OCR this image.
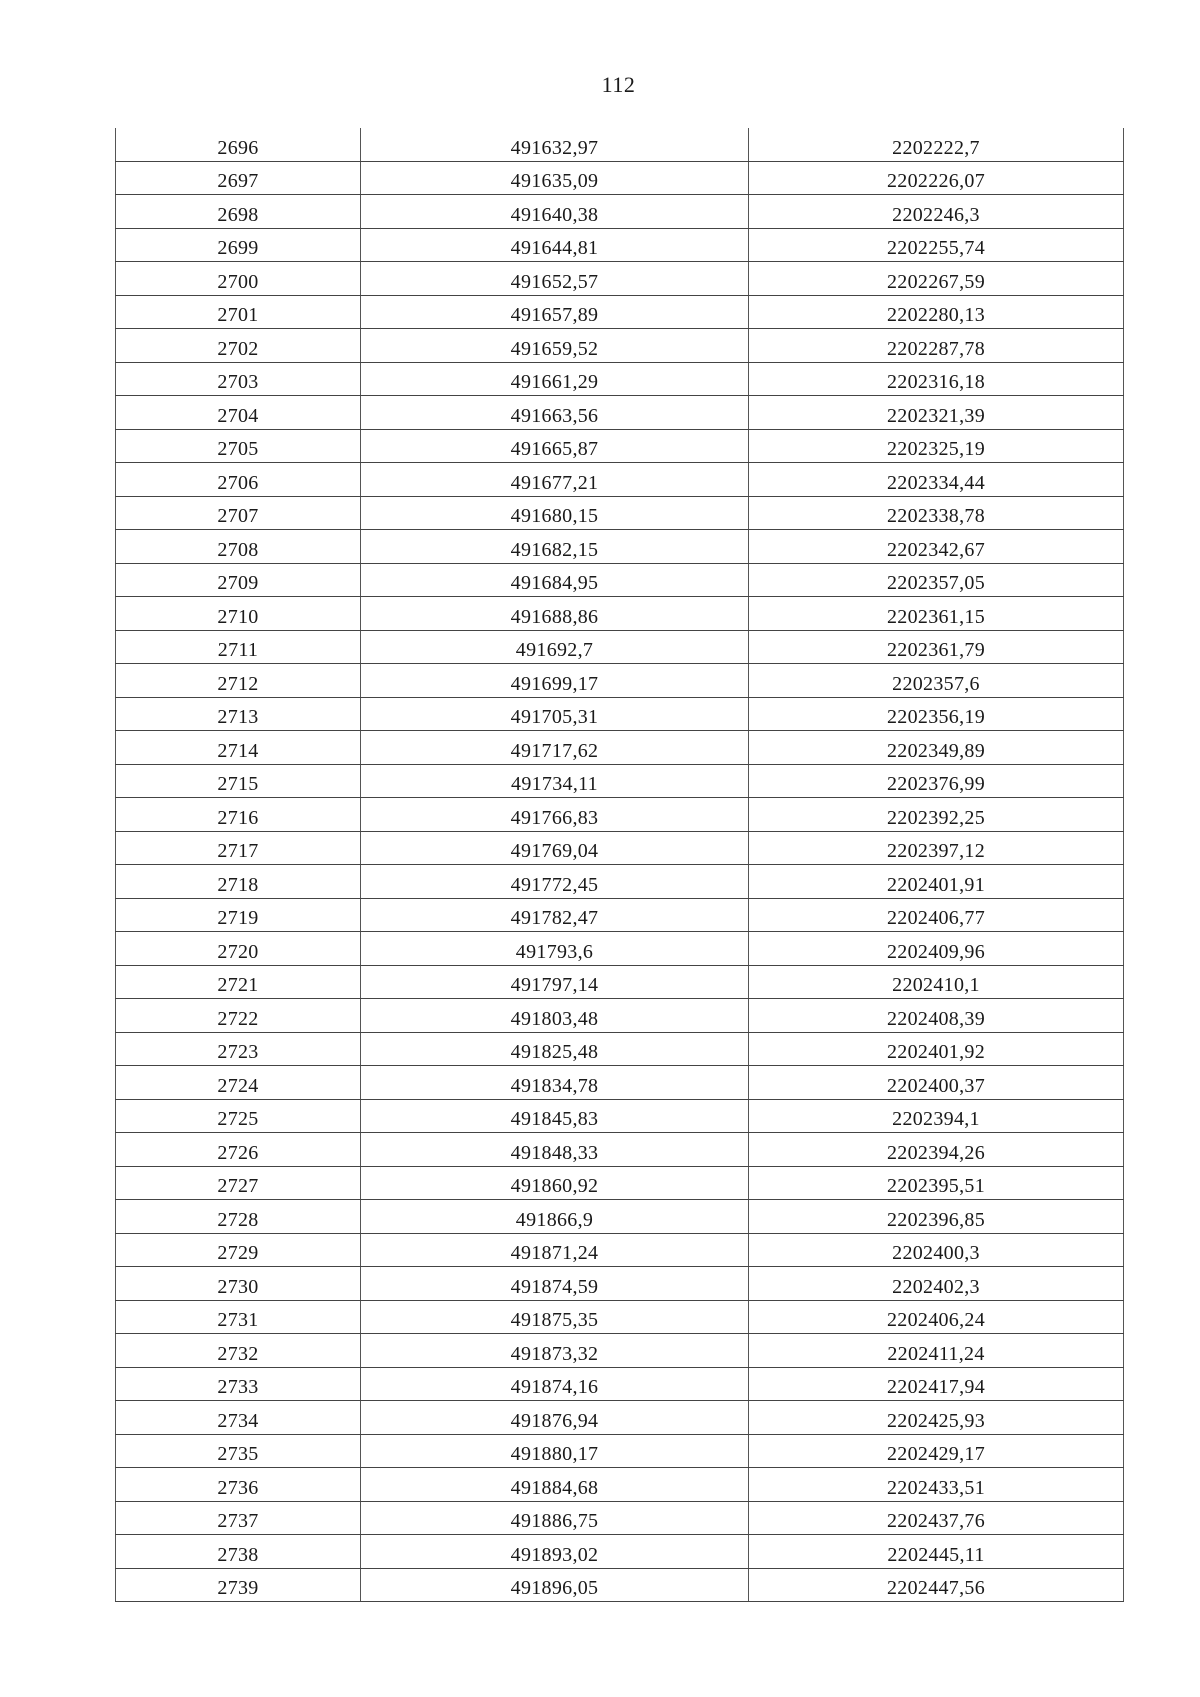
112
2696	491632,97	2202222,7
2697	491635,09	2202226,07
2698	491640,38	2202246,3
2699	491644,81	2202255,74
2700	491652,57	2202267,59
2701	491657,89	2202280,13
2702	491659,52	2202287,78
2703	491661,29	2202316,18
2704	491663,56	2202321,39
2705	491665,87	2202325,19
2706	491677,21	2202334,44
2707	491680,15	2202338,78
2708	491682,15	2202342,67
2709	491684,95	2202357,05
2710	491688,86	2202361,15
2711	491692,7	2202361,79
2712	491699,17	2202357,6
2713	491705,31	2202356,19
2714	491717,62	2202349,89
2715	491734,11	2202376,99
2716	491766,83	2202392,25
2717	491769,04	2202397,12
2718	491772,45	2202401,91
2719	491782,47	2202406,77
2720	491793,6	2202409,96
2721	491797,14	2202410,1
2722	491803,48	2202408,39
2723	491825,48	2202401,92
2724	491834,78	2202400,37
2725	491845,83	2202394,1
2726	491848,33	2202394,26
2727	491860,92	2202395,51
2728	491866,9	2202396,85
2729	491871,24	2202400,3
2730	491874,59	2202402,3
2731	491875,35	2202406,24
2732	491873,32	2202411,24
2733	491874,16	2202417,94
2734	491876,94	2202425,93
2735	491880,17	2202429,17
2736	491884,68	2202433,51
2737	491886,75	2202437,76
2738	491893,02	2202445,11
2739	491896,05	2202447,56
